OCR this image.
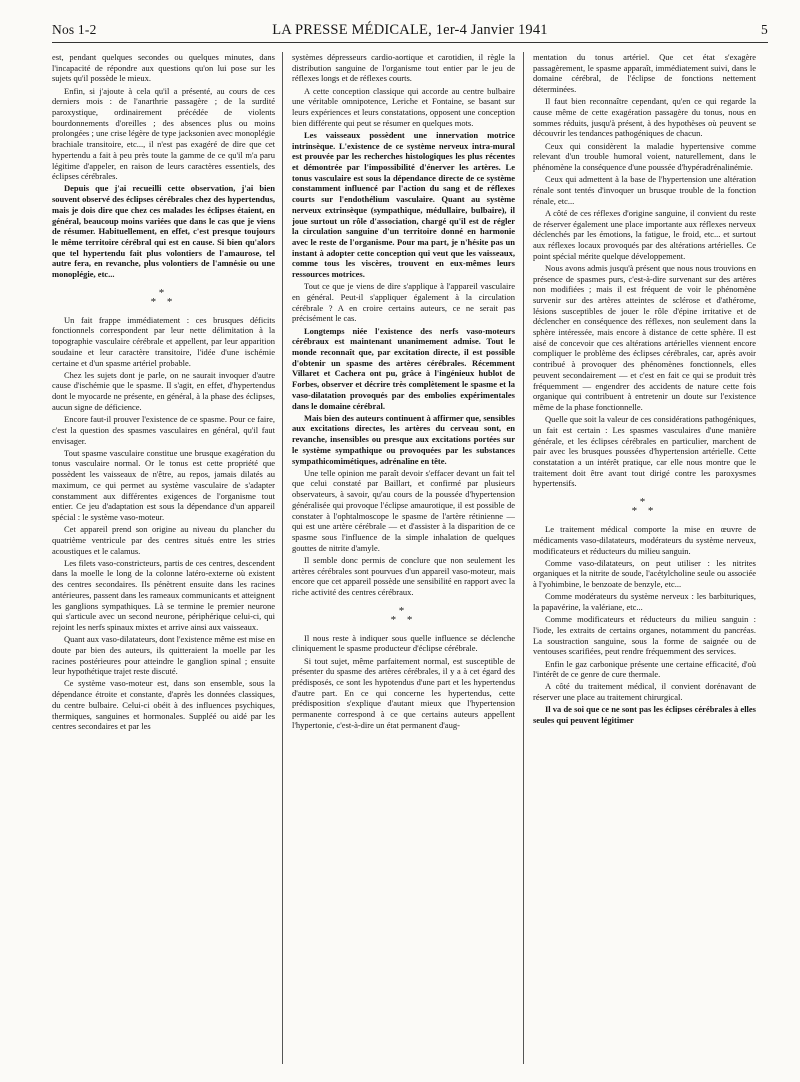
Nos 1-2	LA PRESSE MÉDICALE, 1er-4 Janvier 1941	5

est, pendant quelques secondes ou quelques minutes, dans l'incapacité de répondre aux questions qu'on lui pose sur les sujets qu'il possède le mieux.

Enfin, si j'ajoute à cela qu'il a présenté, au cours de ces derniers mois : de l'anarthrie passagère ; de la surdité paroxystique, ordinairement précédée de violents bourdonnements d'oreilles ; des absences plus ou moins prolongées ; une crise légère de type jacksonien avec monoplégie brachiale transitoire, etc..., il n'est pas exagéré de dire que cet hypertendu a fait à peu près toute la gamme de ce qu'il m'a paru légitime d'appeler, en raison de leurs caractères essentiels, des éclipses cérébrales.

Depuis que j'ai recueilli cette observation, j'ai bien souvent observé des éclipses cérébrales chez des hypertendus, mais je dois dire que chez ces malades les éclipses étaient, en général, beaucoup moins variées que dans le cas que je viens de résumer. Habituellement, en effet, c'est presque toujours le même territoire cérébral qui est en cause. Si bien qu'alors que tel hypertendu fait plus volontiers de l'amaurose, tel autre fera, en revanche, plus volontiers de l'amnésie ou une monoplégie, etc...

*
* *

Un fait frappe immédiatement : ces brusques déficits fonctionnels correspondent par leur nette délimitation à la topographie vasculaire cérébrale et appellent, par leur apparition soudaine et leur caractère transitoire, l'idée d'une ischémie certaine et d'un spasme artériel probable.

Chez les sujets dont je parle, on ne saurait invoquer d'autre cause d'ischémie que le spasme. Il s'agit, en effet, d'hypertendus dont le myocarde ne présente, en général, à la phase des éclipses, aucun signe de déficience.

Encore faut-il prouver l'existence de ce spasme. Pour ce faire, c'est la question des spasmes vasculaires en général, qu'il faut envisager.

Tout spasme vasculaire constitue une brusque exagération du tonus vasculaire normal. Or le tonus est cette propriété que possèdent les vaisseaux de n'être, au repos, jamais dilatés au maximum, ce qui permet au système vasculaire de s'adapter constamment aux différentes exigences de l'organisme tout entier. Ce jeu d'adaptation est sous la dépendance d'un appareil spécial : le système vaso-moteur.

Cet appareil prend son origine au niveau du plancher du quatrième ventricule par des centres situés entre les stries acoustiques et le calamus.

Les filets vaso-constricteurs, partis de ces centres, descendent dans la moelle le long de la colonne latéro-externe où existent des centres secondaires. Ils pénètrent ensuite dans les racines antérieures, passent dans les rameaux communicants et atteignent les ganglions sympathiques. Là se termine le premier neurone qui s'articule avec un second neurone, périphérique celui-ci, qui rejoint les nerfs spinaux mixtes et arrive ainsi aux vaisseaux.

Quant aux vaso-dilatateurs, dont l'existence même est mise en doute par bien des auteurs, ils quitteraient la moelle par les racines postérieures pour atteindre le ganglion spinal ; ensuite leur hypothétique trajet reste discuté.

Ce système vaso-moteur est, dans son ensemble, sous la dépendance étroite et constante, d'après les données classiques, du centre bulbaire. Celui-ci obéit à des influences psychiques, thermiques, sanguines et hormonales. Suppléé ou aidé par les centres secondaires et par les

systèmes dépresseurs cardio-aortique et carotidien, il règle la distribution sanguine de l'organisme tout entier par le jeu de réflexes longs et de réflexes courts.

A cette conception classique qui accorde au centre bulbaire une véritable omnipotence, Leriche et Fontaine, se basant sur leurs expériences et leurs constatations, opposent une conception bien différente qui peut se résumer en quelques mots.

Les vaisseaux possèdent une innervation motrice intrinsèque. L'existence de ce système nerveux intra-mural est prouvée par les recherches histologiques les plus récentes et démontrée par l'impossibilité d'énerver les artères. Le tonus vasculaire est sous la dépendance directe de ce système constamment influencé par l'action du sang et de réflexes courts sur l'endothélium vasculaire. Quant au système nerveux extrinsèque (sympathique, médullaire, bulbaire), il joue surtout un rôle d'association, chargé qu'il est de régler la circulation sanguine d'un territoire donné en harmonie avec le reste de l'organisme. Pour ma part, je n'hésite pas un instant à adopter cette conception qui veut que les vaisseaux, comme tous les viscères, trouvent en eux-mêmes leurs ressources motrices.

Tout ce que je viens de dire s'applique à l'appareil vasculaire en général. Peut-il s'appliquer également à la circulation cérébrale ? A en croire certains auteurs, ce ne serait pas précisément le cas.

Longtemps niée l'existence des nerfs vaso-moteurs cérébraux est maintenant unanimement admise. Tout le monde reconnaît que, par excitation directe, il est possible d'obtenir un spasme des artères cérébrales. Récemment Villaret et Cachera ont pu, grâce à l'ingénieux hublot de Forbes, observer et décrire très complètement le spasme et la vaso-dilatation provoqués par des embolies expérimentales dans le domaine cérébral.

Mais bien des auteurs continuent à affirmer que, sensibles aux excitations directes, les artères du cerveau sont, en revanche, insensibles ou presque aux excitations portées sur le système sympathique ou provoquées par les substances sympathicomimétiques, adrénaline en tête.

Une telle opinion me paraît devoir s'effacer devant un fait tel que celui constaté par Baillart, et confirmé par plusieurs observateurs, à savoir, qu'au cours de la poussée d'hypertension généralisée qui provoque l'éclipse amaurotique, il est possible de constater à l'ophtalmoscope le spasme de l'artère rétinienne — qui est une artère cérébrale — et d'assister à la disparition de ce spasme sous l'influence de la simple inhalation de quelques gouttes de nitrite d'amyle.

Il semble donc permis de conclure que non seulement les artères cérébrales sont pourvues d'un appareil vaso-moteur, mais encore que cet appareil possède une sensibilité en rapport avec la riche activité des centres cérébraux.

*
* *

Il nous reste à indiquer sous quelle influence se déclenche cliniquement le spasme producteur d'éclipse cérébrale.

Si tout sujet, même parfaitement normal, est susceptible de présenter du spasme des artères cérébrales, il y a à cet égard des prédisposés, ce sont les hypotendus d'une part et les hypertendus d'autre part. En ce qui concerne les hypertendus, cette prédisposition s'explique d'autant mieux que l'hypertension permanente correspond à ce que certains auteurs appellent l'hypertonie, c'est-à-dire un état permanent d'aug-

mentation du tonus artériel. Que cet état s'exagère passagèrement, le spasme apparaît, immédiatement suivi, dans le domaine cérébral, de l'éclipse de fonctions nettement déterminées.

Il faut bien reconnaître cependant, qu'en ce qui regarde la cause même de cette exagération passagère du tonus, nous en sommes réduits, jusqu'à présent, à des hypothèses où peuvent se découvrir les tendances pathogéniques de chacun.

Ceux qui considèrent la maladie hypertensive comme relevant d'un trouble humoral voient, naturellement, dans le phénomène la conséquence d'une poussée d'hypéradrénalinémie.

Ceux qui admettent à la base de l'hypertension une altération rénale sont tentés d'invoquer un brusque trouble de la fonction rénale, etc...

A côté de ces réflexes d'origine sanguine, il convient du reste de réserver également une place importante aux réflexes nerveux déclenchés par les émotions, la fatigue, le froid, etc... et surtout aux réflexes locaux provoqués par des altérations artérielles. Ce point spécial mérite quelque développement.

Nous avons admis jusqu'à présent que nous nous trouvions en présence de spasmes purs, c'est-à-dire survenant sur des artères non modifiées ; mais il est fréquent de voir le phénomène survenir sur des artères atteintes de sclérose et d'athérome, lésions susceptibles de jouer le rôle d'épine irritative et de déclencher en conséquence des réflexes, non seulement dans la sphère intéressée, mais encore à distance de cette sphère. Il est aisé de concevoir que ces altérations artérielles viennent encore compliquer le problème des éclipses cérébrales, car, après avoir contribué à provoquer des phénomènes fonctionnels, elles peuvent secondairement — et c'est en fait ce qui se produit très fréquemment — engendrer des accidents de nature cette fois organique qui contribuent à entretenir un doute sur l'existence même de la phase fonctionnelle.

Quelle que soit la valeur de ces considérations pathogéniques, un fait est certain : Les spasmes vasculaires d'une manière générale, et les éclipses cérébrales en particulier, marchent de pair avec les brusques poussées d'hypertension artérielle. Cette constatation a un intérêt pratique, car elle nous montre que le traitement doit être avant tout dirigé contre les paroxysmes hypertensifs.

*
* *

Le traitement médical comporte la mise en œuvre de médicaments vaso-dilatateurs, modérateurs du système nerveux, modificateurs et réducteurs du milieu sanguin.

Comme vaso-dilatateurs, on peut utiliser : les nitrites organiques et la nitrite de soude, l'acétylcholine seule ou associée à l'yohimbine, le benzoate de benzyle, etc...

Comme modérateurs du système nerveux : les barbituriques, la papavérine, la valériane, etc...

Comme modificateurs et réducteurs du milieu sanguin : l'iode, les extraits de certains organes, notamment du pancréas. La soustraction sanguine, sous la forme de saignée ou de ventouses scarifiées, peut rendre fréquemment des services.

Enfin le gaz carbonique présente une certaine efficacité, d'où l'intérêt de ce genre de cure thermale.

A côté du traitement médical, il convient dorénavant de réserver une place au traitement chirurgical.

Il va de soi que ce ne sont pas les éclipses cérébrales à elles seules qui peuvent légitimer
